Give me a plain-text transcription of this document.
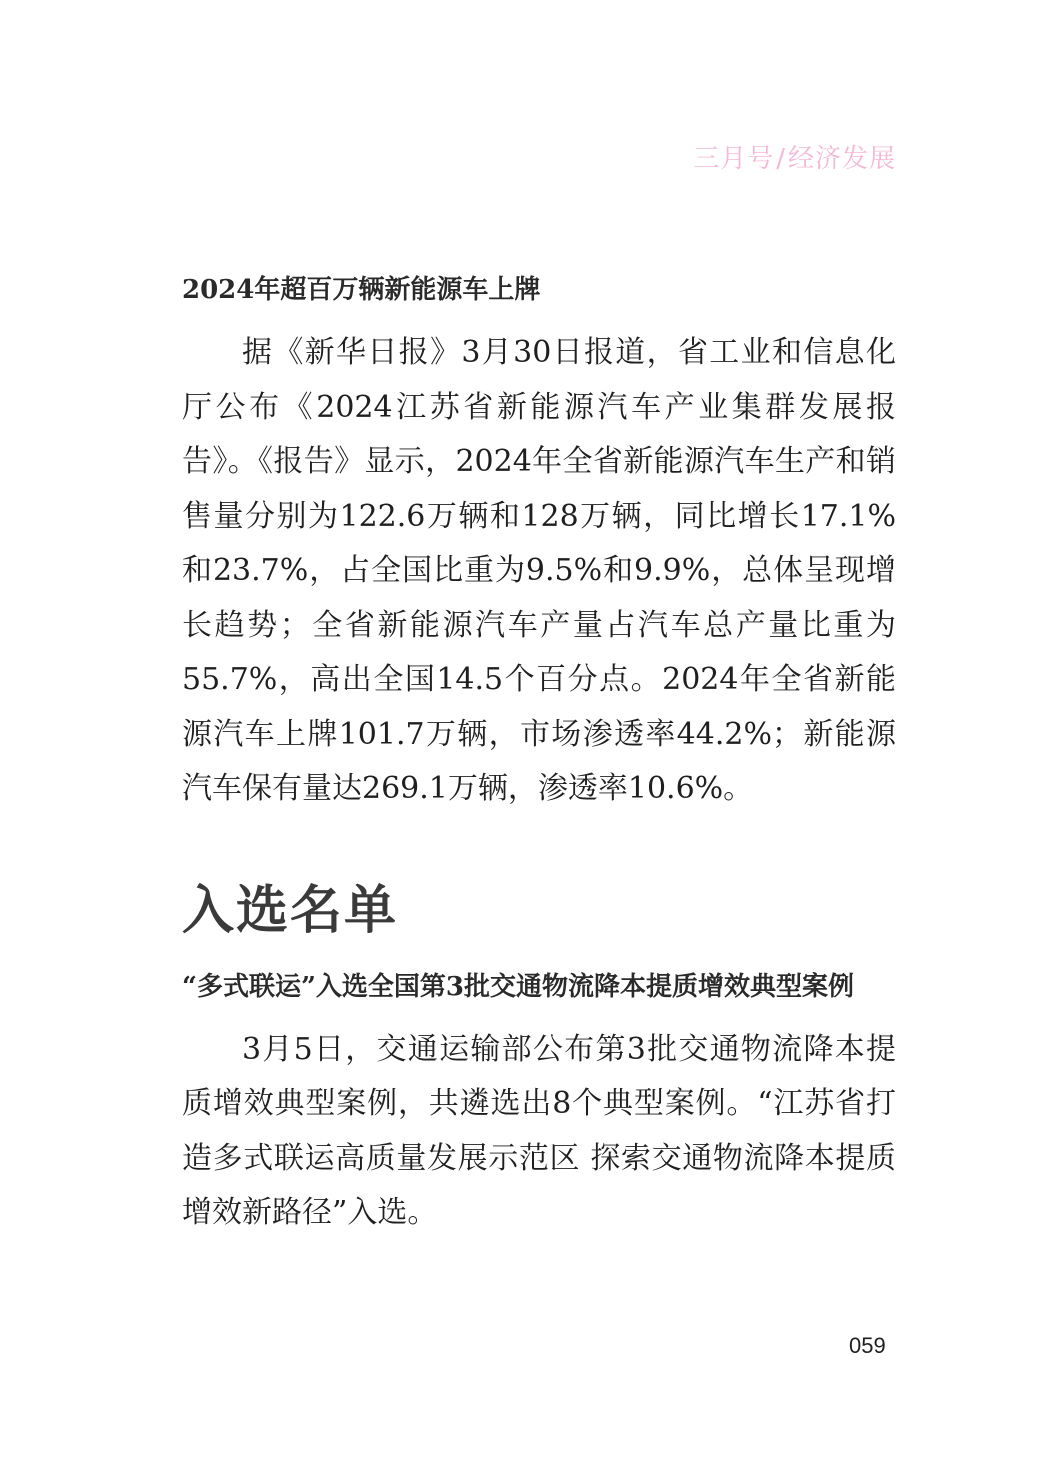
三月号/经济发展
2024年超百万辆新能源车上牌

据《新华日报》3月30日报道，省工业和信息化厅公布《2024江苏省新能源汽车产业集群发展报告》。《报告》显示，2024年全省新能源汽车生产和销售量分别为122.6万辆和128万辆，同比增长17.1%和23.7%，占全国比重为9.5%和9.9%，总体呈现增长趋势；全省新能源汽车产量占汽车总产量比重为55.7%，高出全国14.5个百分点。2024年全省新能源汽车上牌101.7万辆，市场渗透率44.2%；新能源汽车保有量达269.1万辆，渗透率10.6%。

入选名单
“多式联运”入选全国第3批交通物流降本提质增效典型案例

3月5日，交通运输部公布第3批交通物流降本提质增效典型案例，共遴选出8个典型案例。“江苏省打造多式联运高质量发展示范区 探索交通物流降本提质增效新路径”入选。

059
